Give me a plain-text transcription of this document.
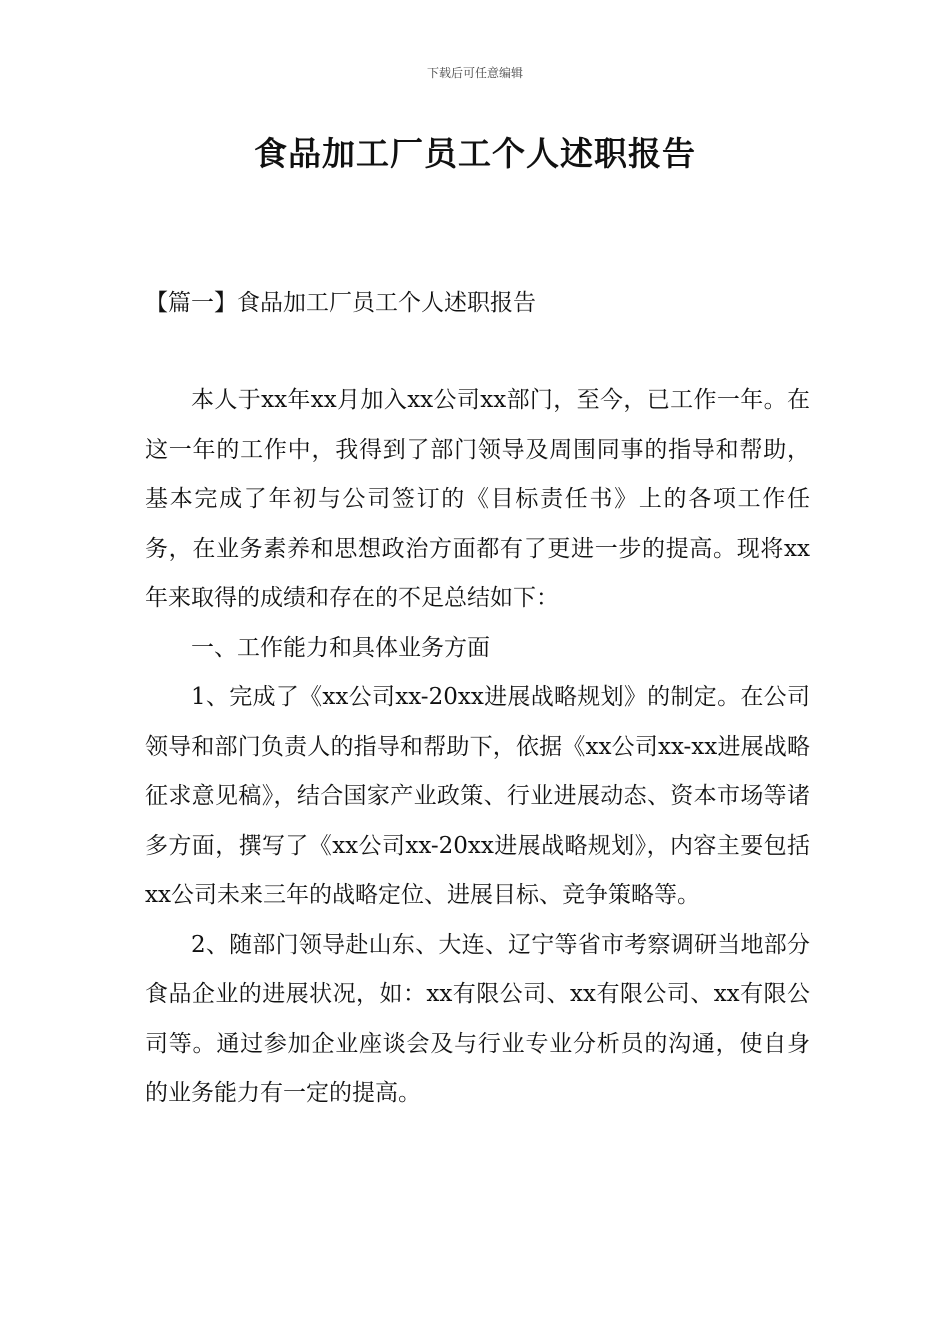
下载后可任意编辑
食品加工厂员工个人述职报告
【篇一】食品加工厂员工个人述职报告

本人于xx年xx月加入xx公司xx部门，至今，已工作一年。在这一年的工作中，我得到了部门领导及周围同事的指导和帮助，基本完成了年初与公司签订的《目标责任书》上的各项工作任务，在业务素养和思想政治方面都有了更进一步的提高。现将xx年来取得的成绩和存在的不足总结如下：

一、工作能力和具体业务方面

1、完成了《xx公司xx-20xx进展战略规划》的制定。在公司领导和部门负责人的指导和帮助下，依据《xx公司xx-xx进展战略征求意见稿》，结合国家产业政策、行业进展动态、资本市场等诸多方面，撰写了《xx公司xx-20xx进展战略规划》，内容主要包括xx公司未来三年的战略定位、进展目标、竞争策略等。

2、随部门领导赴山东、大连、辽宁等省市考察调研当地部分食品企业的进展状况，如：xx有限公司、xx有限公司、xx有限公司等。通过参加企业座谈会及与行业专业分析员的沟通，使自身的业务能力有一定的提高。
